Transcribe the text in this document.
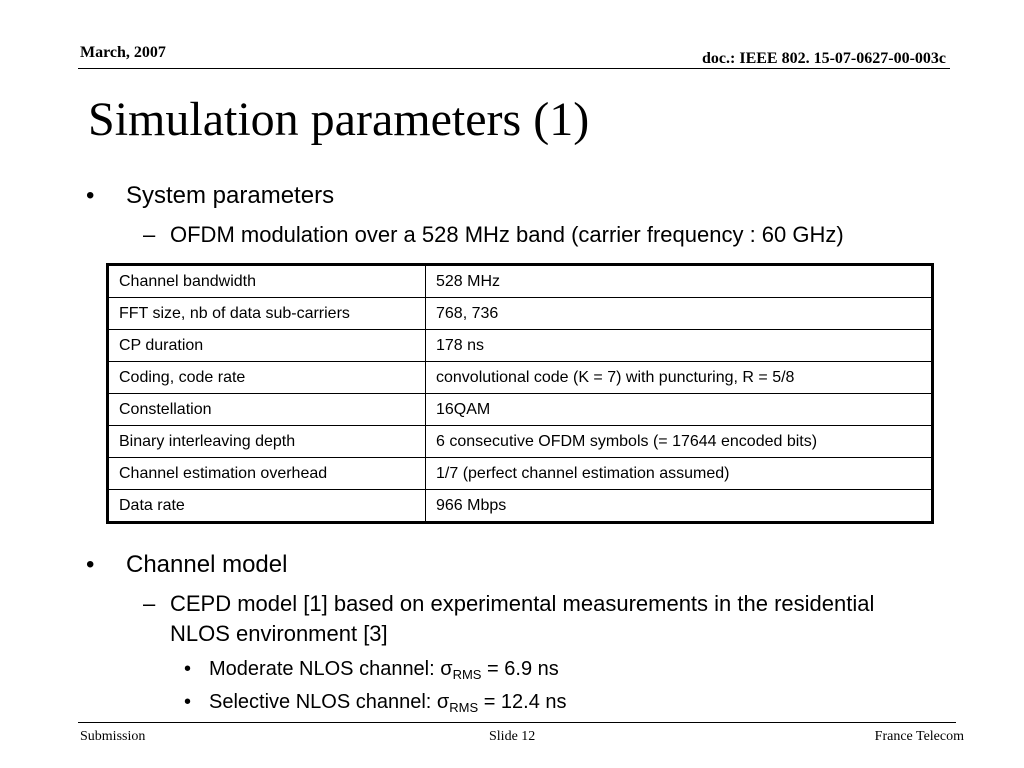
March, 2007	doc.: IEEE 802. 15-07-0627-00-003c
Simulation parameters (1)
• System parameters
– OFDM modulation over a 528 MHz band (carrier frequency : 60 GHz)
Channel bandwidth	528 MHz
FFT size, nb of data sub-carriers	768, 736
CP duration	178 ns
Coding, code rate	convolutional code (K = 7) with puncturing, R = 5/8
Constellation	16QAM
Binary interleaving depth	6 consecutive OFDM symbols (= 17644 encoded bits)
Channel estimation overhead	1/7 (perfect channel estimation assumed)
Data rate	966 Mbps
• Channel model
– CEPD model [1] based on experimental measurements in the residential NLOS environment [3]
• Moderate NLOS channel: $\sigma_{RMS} = 6.9$ ns
• Selective NLOS channel: $\sigma_{RMS} = 12.4$ ns
Submission	Slide 12	France Telecom
